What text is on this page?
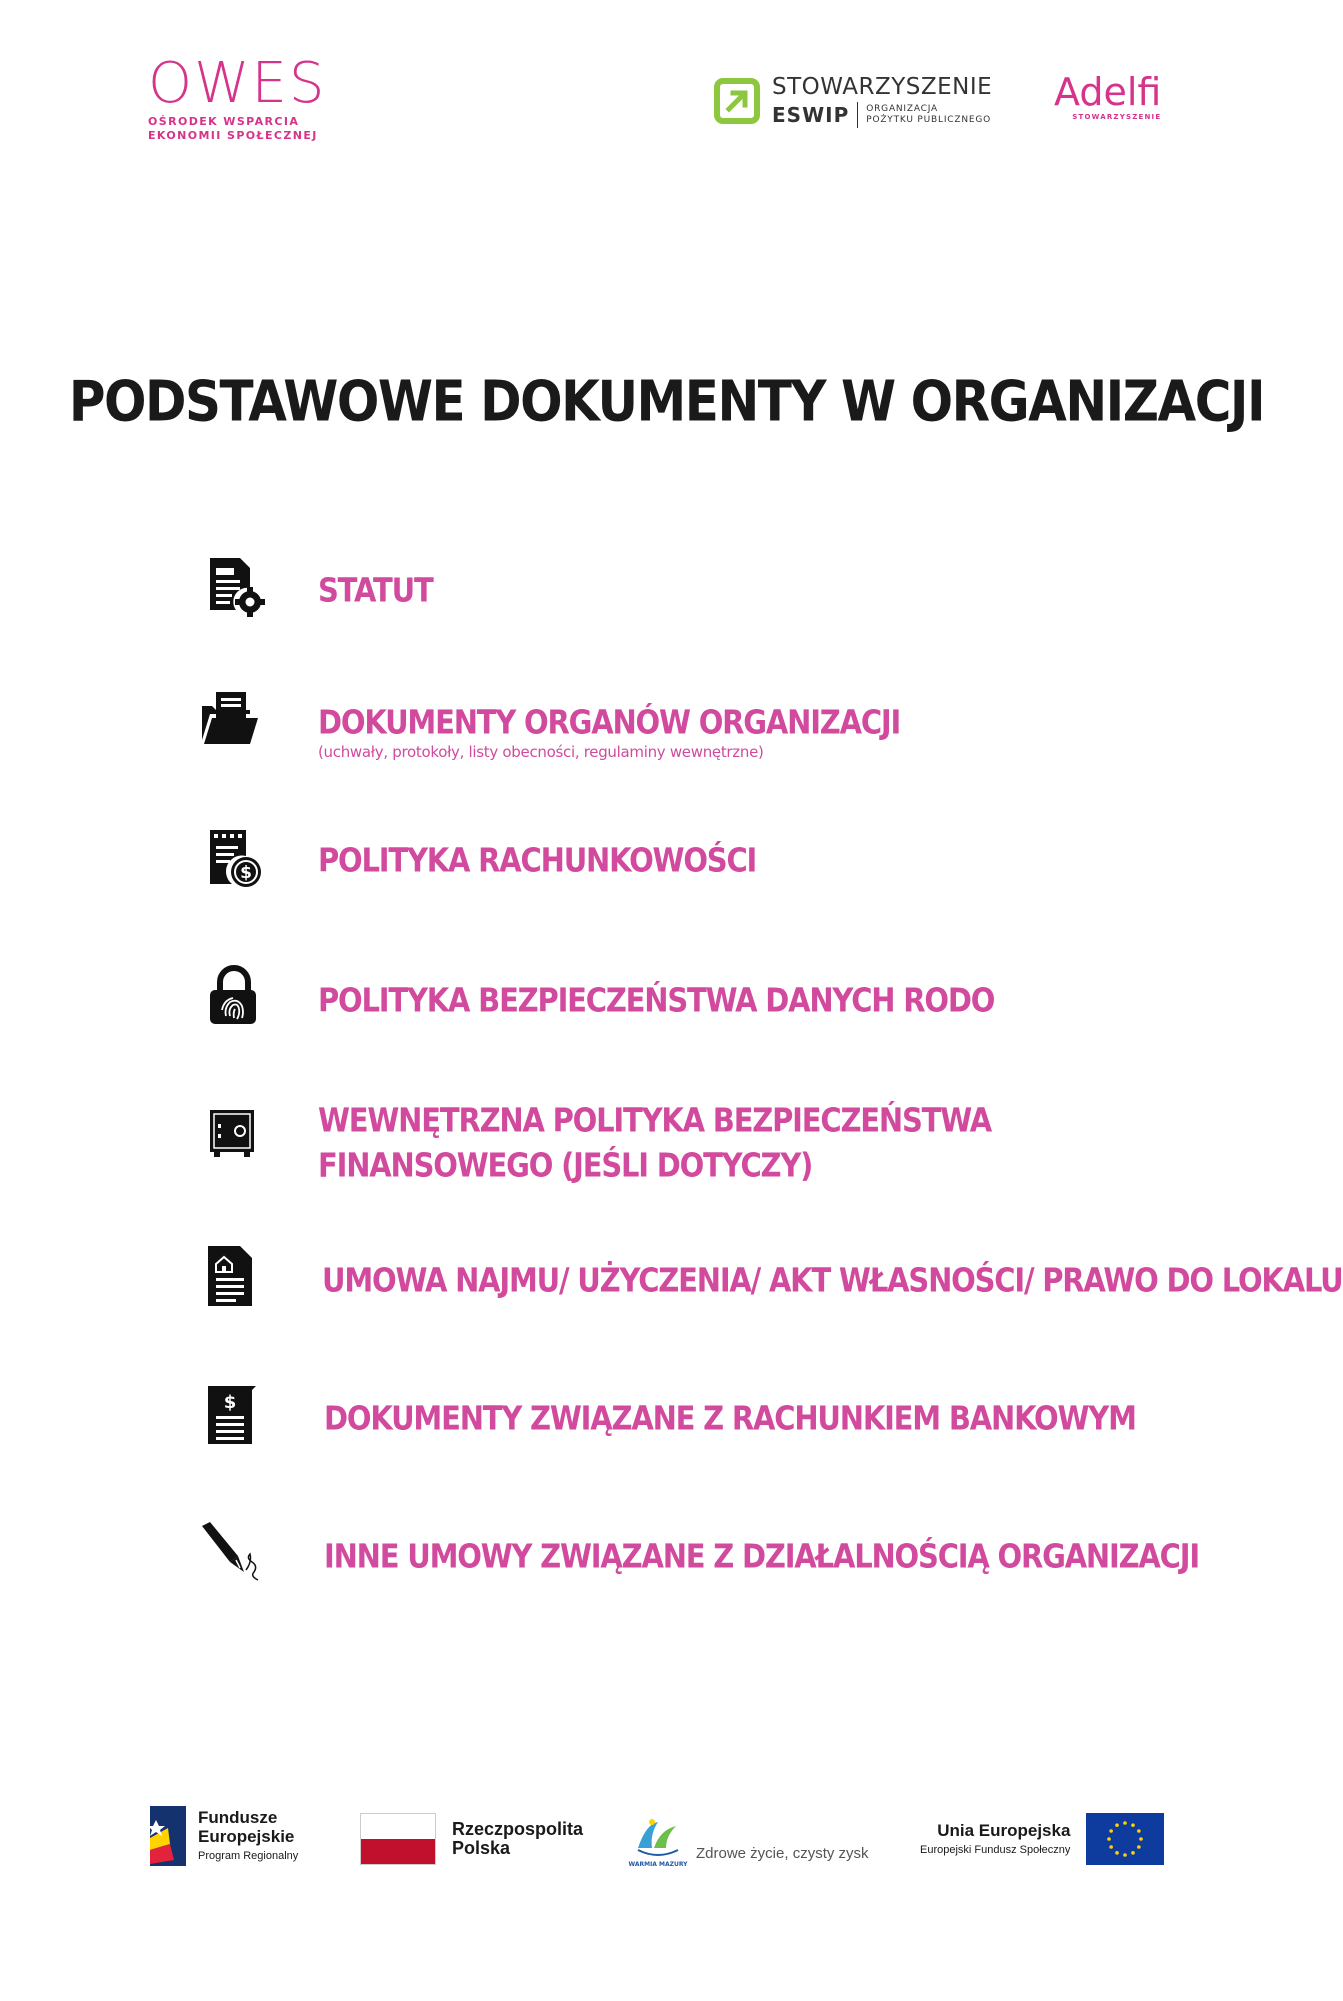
OWES
OŚRODEK WSPARCIA
EKONOMII SPOŁECZNEJ
STOWARZYSZENIE
ESWIP ORGANIZACJA
POŻYTKU PUBLICZNEGO
Adelfi
STOWARZYSZENIE
PODSTAWOWE DOKUMENTY W ORGANIZACJI
STATUT
DOKUMENTY ORGANÓW ORGANIZACJI
(uchwały, protokoły, listy obecności, regulaminy wewnętrzne)
$ POLITYKA RACHUNKOWOŚCI
POLITYKA BEZPIECZEŃSTWA DANYCH RODO
WEWNĘTRZNA POLITYKA BEZPIECZEŃSTWA
FINANSOWEGO (JEŚLI DOTYCZY)
UMOWA NAJMU/ UŻYCZENIA/ AKT WŁASNOŚCI/ PRAWO DO LOKALU
$	DOKUMENTY ZWIĄZANE Z RACHUNKIEM BANKOWYM
INNE UMOWY ZWIĄZANE Z DZIAŁALNOŚCIĄ ORGANIZACJI
Fundusze
Europejskie
Program Regionalny
Rzeczpospolita
Polska
WARMIA MAZURY
Zdrowe życie, czysty zysk
Unia Europejska
Europejski Fundusz Społeczny
